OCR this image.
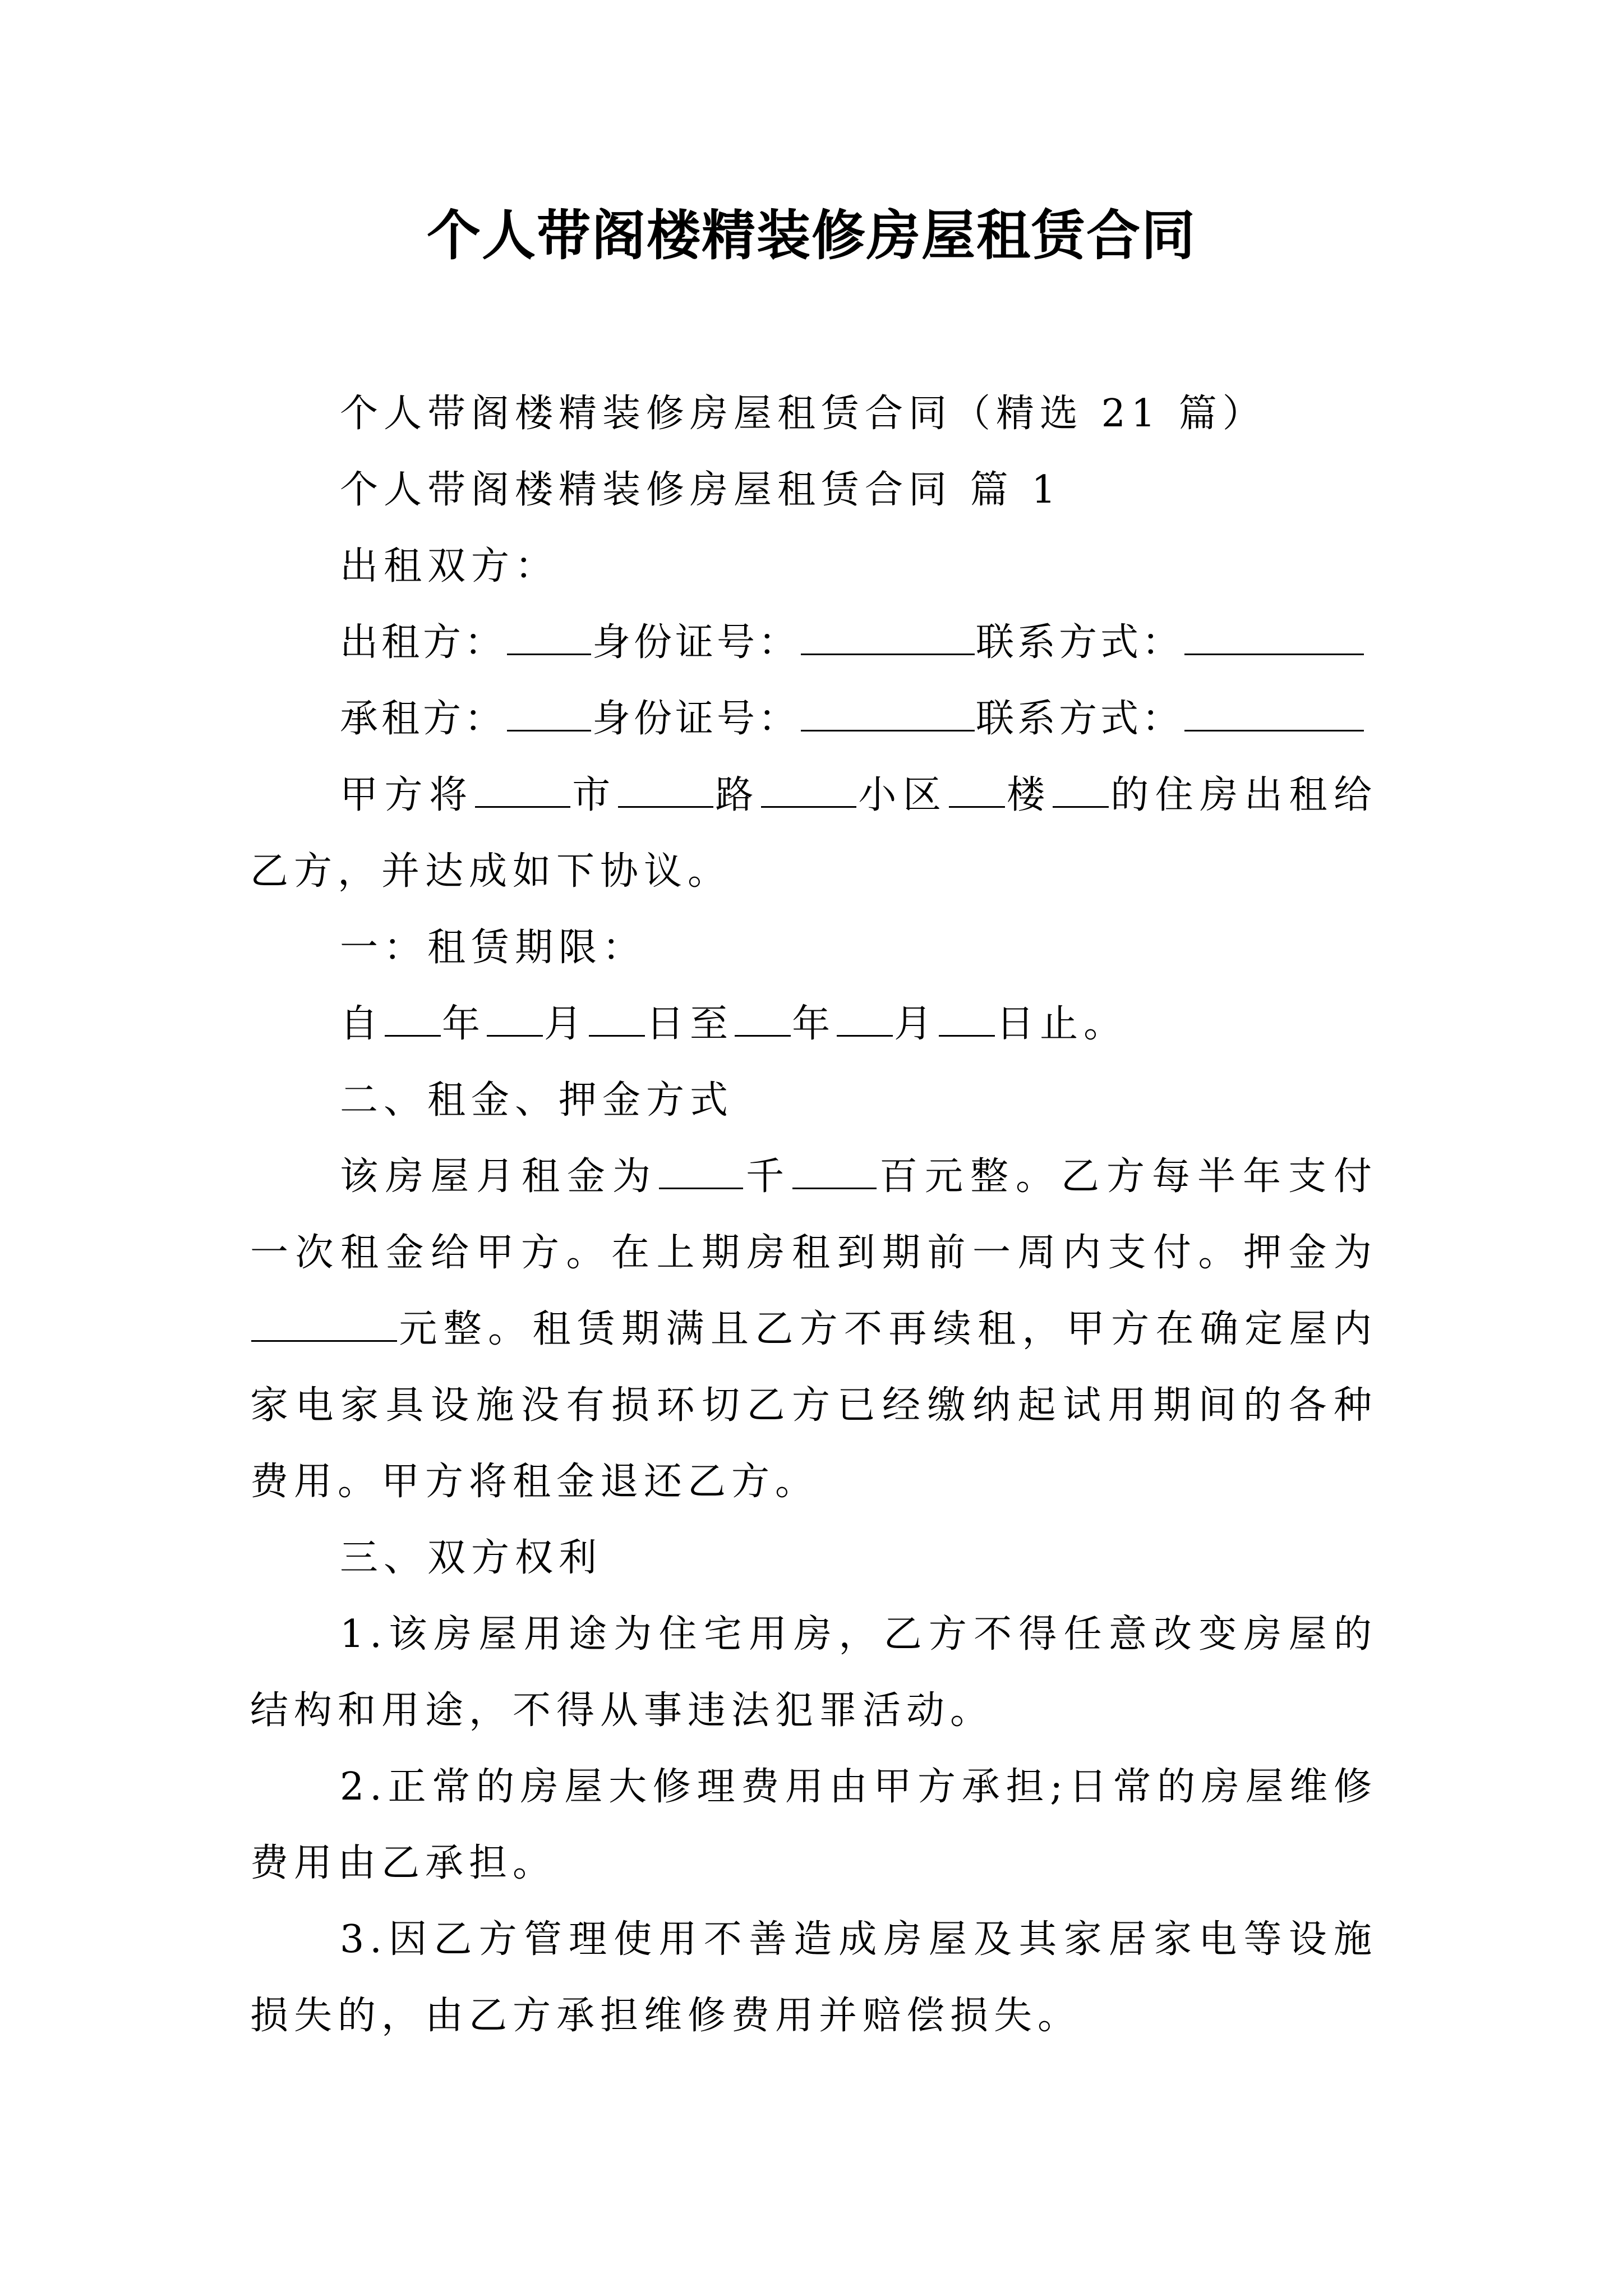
个人带阁楼精装修房屋租赁合同

个人带阁楼精装修房屋租赁合同（精选 21 篇）

个人带阁楼精装修房屋租赁合同 篇 1

出租双方：

出租方： 身份证号：	联系方式：

承租方： 身份证号：	联系方式：

甲方将	市	路	小区 楼 的住房出租给乙方，并达成如下协议。

一：租赁期限：

自 年 月 日至 年 月 日止。

二、租金、押金方式

该房屋月租金为 千 百元整。乙方每半年支付一次租金给甲方。在上期房租到期前一周内支付。押金为元整。租赁期满且乙方不再续租，甲方在确定屋内家电家具设施没有损环切乙方已经缴纳起试用期间的各种费用。甲方将租金退还乙方。

三、双方权利

1.该房屋用途为住宅用房，乙方不得任意改变房屋的结构和用途，不得从事违法犯罪活动。

2.正常的房屋大修理费用由甲方承担;日常的房屋维修费用由乙承担。

3.因乙方管理使用不善造成房屋及其家居家电等设施损失的，由乙方承担维修费用并赔偿损失。
